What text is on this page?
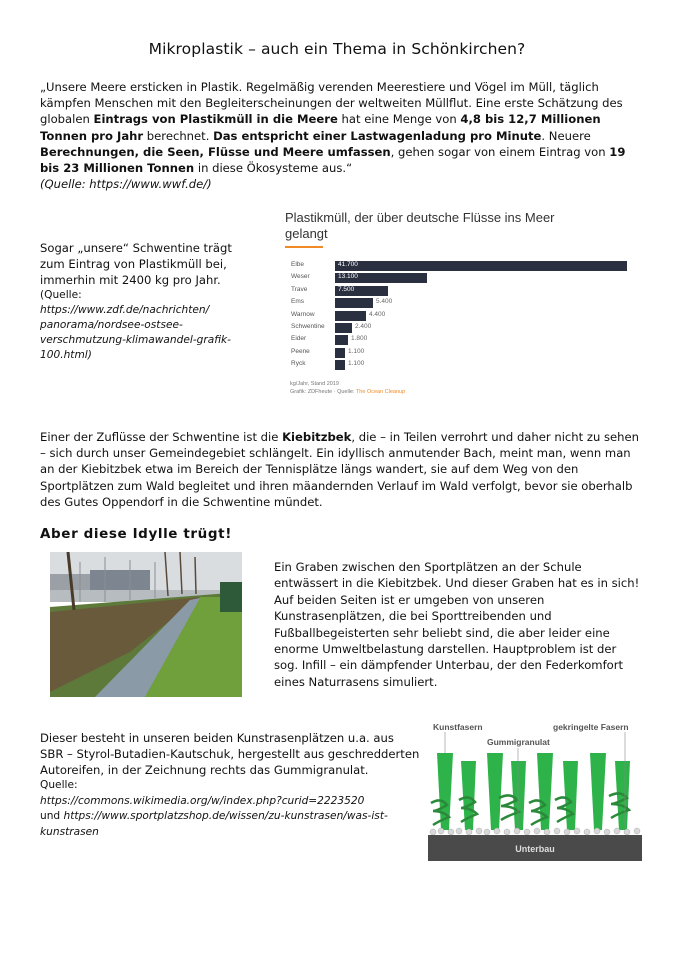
Mikroplastik – auch ein Thema in Schönkirchen?
„Unsere Meere ersticken in Plastik. Regelmäßig verenden Meerestiere und Vögel im Müll, täglich kämpfen Menschen mit den Begleiterscheinungen der weltweiten Müllflut. Eine erste Schätzung des globalen Eintrags von Plastikmüll in die Meere hat eine Menge von 4,8 bis 12,7 Millionen Tonnen pro Jahr berechnet. Das entspricht einer Lastwagenladung pro Minute. Neuere Berechnungen, die Seen, Flüsse und Meere umfassen, gehen sogar von einem Eintrag von 19 bis 23 Millionen Tonnen in diese Ökosysteme aus.“
(Quelle: https://www.wwf.de/)
Sogar „unsere“ Schwentine trägt zum Eintrag von Plastikmüll bei, immerhin mit 2400 kg pro Jahr.
(Quelle:
https://www.zdf.de/nachrichten/ panorama/nordsee-ostsee-verschmutzung-klimawandel-grafik-100.html)
Plastikmüll, der über deutsche Flüsse ins Meer gelangt
Elbe	41.700
Weser	13.100
Trave	7.500
Ems	5.400
Warnow	4.400
Schwentine	2.400
Eider	1.800
Peene	1.100
Ryck	1.100
kg/Jahr, Stand 2019
Grafik: ZDFheute · Quelle: The Ocean Cleanup
Einer der Zuflüsse der Schwentine ist die Kiebitzbek, die – in Teilen verrohrt und daher nicht zu sehen – sich durch unser Gemeindegebiet schlängelt. Ein idyllisch anmutender Bach, meint man, wenn man an der Kiebitzbek etwa im Bereich der Tennisplätze längs wandert, sie auf dem Weg von den Sportplätzen zum Wald begleitet und ihren mäandernden Verlauf im Wald verfolgt, bevor sie oberhalb des Gutes Oppendorf in die Schwentine mündet.
Aber diese Idylle trügt!
Ein Graben zwischen den Sportplätzen an der Schule entwässert in die Kiebitzbek. Und dieser Graben hat es in sich! Auf beiden Seiten ist er umgeben von unseren Kunstrasenplätzen, die bei Sporttreibenden und Fußballbegeisterten sehr beliebt sind, die aber leider eine enorme Umweltbelastung darstellen. Hauptproblem ist der sog. Infill – ein dämpfender Unterbau, der den Federkomfort eines Naturrasens simuliert.
Dieser besteht in unseren beiden Kunstrasenplätzen u.a. aus SBR – Styrol-Butadien-Kautschuk, hergestellt aus geschredderten Autoreifen, in der Zeichnung rechts das Gummigranulat.
Quelle:
https://commons.wikimedia.org/w/index.php?curid=2223520
und https://www.sportplatzshop.de/wissen/zu-kunstrasen/was-ist-kunstrasen
Kunstfasern
Gummigranulat
gekringelte Fasern
Unterbau
